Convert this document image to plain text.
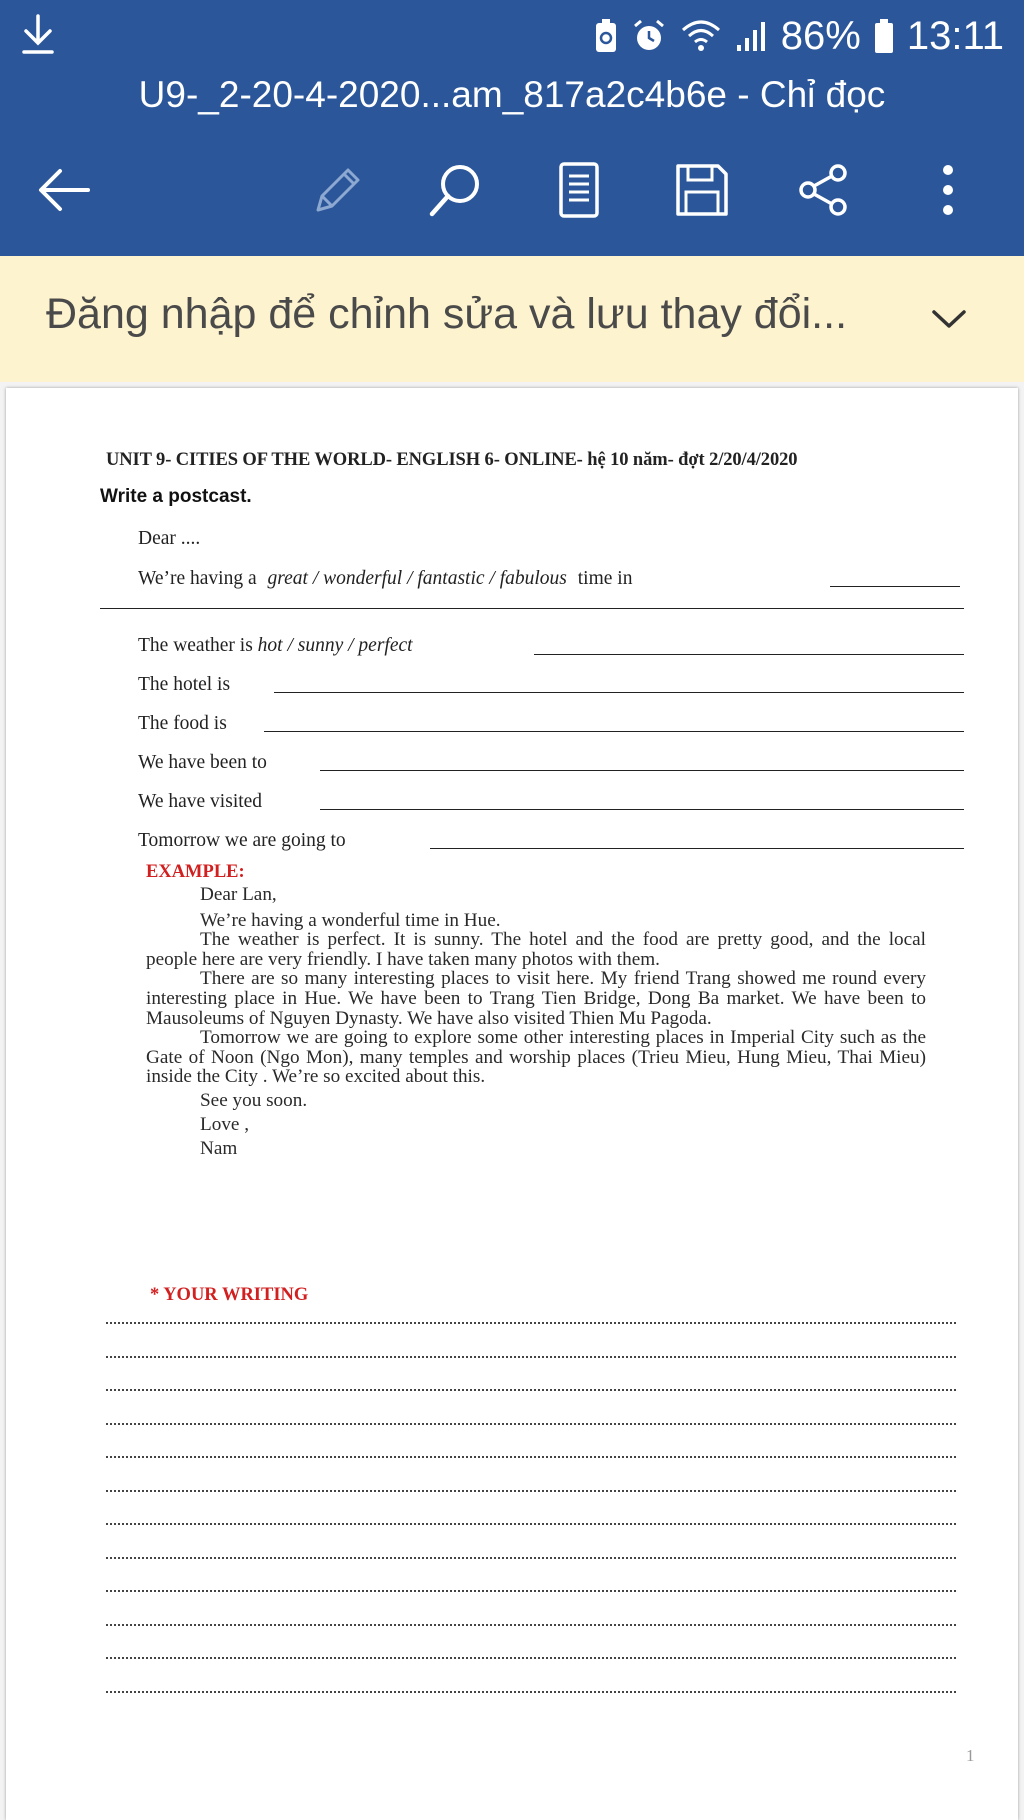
86% 13:11
U9-_2-20-4-2020...am_817a2c4b6e - Chỉ đọc
Đăng nhập để chỉnh sửa và lưu thay đổi...
UNIT 9- CITIES OF THE WORLD- ENGLISH 6- ONLINE- hệ 10 năm- đợt 2/20/4/2020
Write a postcast.
Dear ....
We’re having a great / wonderful / fantastic / fabulous time in
The weather is hot / sunny / perfect
The hotel is
The food is
We have been to
We have visited
Tomorrow we are going to
EXAMPLE:

Dear Lan,

We’re having a wonderful time in Hue.

The weather is perfect. It is sunny. The hotel and the food are pretty good, and the local people here are very friendly. I have taken many photos with them.

There are so many interesting places to visit here. My friend Trang showed me round every interesting place in Hue. We have been to Trang Tien Bridge, Dong Ba market. We have been to Mausoleums of Nguyen Dynasty. We have also visited Thien Mu Pagoda.

Tomorrow we are going to explore some other interesting places in Imperial City such as the Gate of Noon (Ngo Mon), many temples and worship places (Trieu Mieu, Hung Mieu, Thai Mieu) inside the City . We’re so excited about this.

See you soon.

Love ,

Nam

* YOUR WRITING
1
